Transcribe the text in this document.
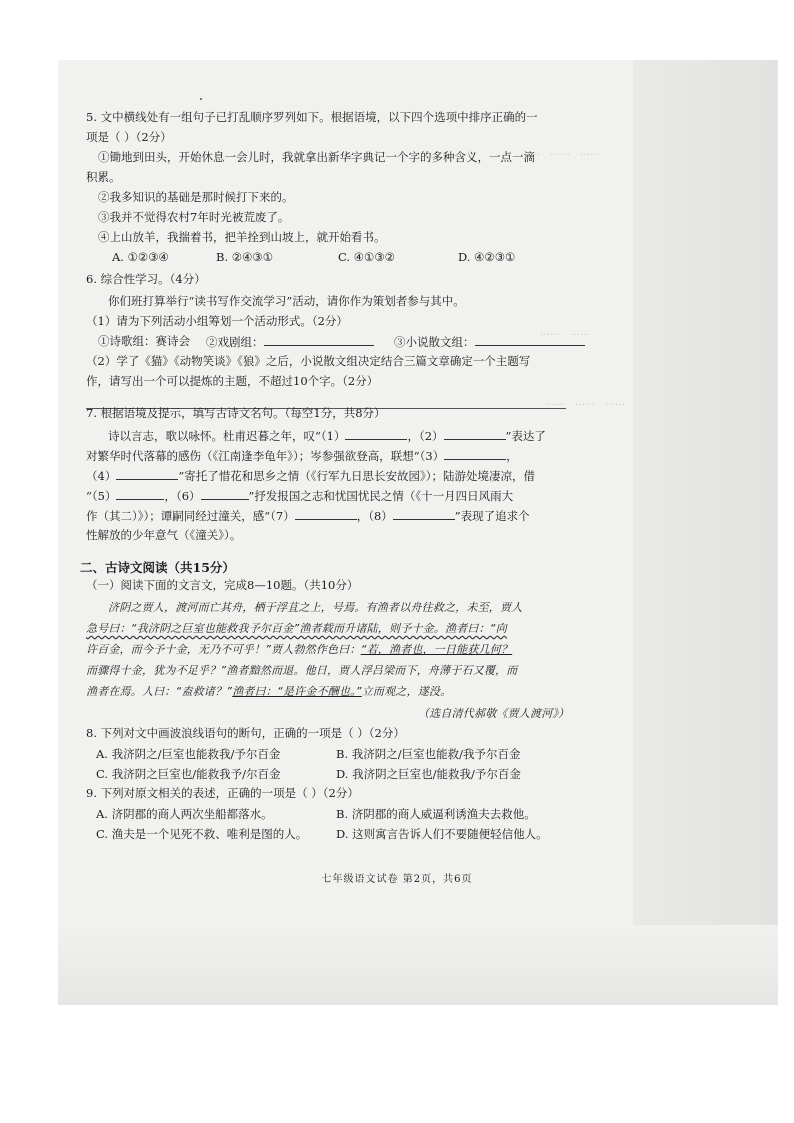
……　……　……
……　……
……　……　……
5. 文中横线处有一组句子已打乱顺序罗列如下。根据语境，以下四个选项中排序正确的一
项是（ ）（2分）
①锄地到田头，开始休息一会儿时，我就拿出新华字典记一个字的多种含义，一点一滴
积累。
②我多知识的基础是那时候打下来的。
③我并不觉得农村7年时光被荒废了。
④上山放羊，我揣着书，把羊拴到山坡上，就开始看书。
A. ①②③④	B. ②④③①	C. ④①③②	D. ④②③①
6. 综合性学习。（4分）
你们班打算举行“读书写作交流学习”活动，请你作为策划者参与其中。
（1）请为下列活动小组筹划一个活动形式。（2分）
①诗歌组：赛诗会 ②戏剧组：	③小说散文组：
（2）学了《猫》《动物笑谈》《狼》之后，小说散文组决定结合三篇文章确定一个主题写
作，请写出一个可以提炼的主题，不超过10个字。（2分）
7. 根据语境及提示，填写古诗文名句。（每空1分，共8分）
诗以言志，歌以咏怀。杜甫迟暮之年，叹“（1）	，（2）	”表达了
对繁华时代落幕的感伤（《江南逢李龟年》）；岑参强欲登高，联想“（3）	，
（4）	”寄托了惜花和思乡之情（《行军九日思长安故园》）；陆游处境凄凉，借
“（5）	，（6）	”抒发报国之志和忧国忧民之情（《十一月四日风雨大
作（其二）》）；谭嗣同经过潼关，感“（7）	，（8）	”表现了追求个
性解放的少年意气（《潼关》）。
二、古诗文阅读（共15分）
（一）阅读下面的文言文，完成8—10题。（共10分）
济阴之贾人，渡河而亡其舟，栖于浮苴之上，号焉。有渔者以舟往救之，未至，贾人
急号曰：“我济阴之巨室也能救我予尔百金”渔者载而升诸陆，则予十金。渔者曰：“向
许百金，而今予十金，无乃不可乎！”贾人勃然作色曰：“若，渔者也，一日能获几何？
而骤得十金，犹为不足乎？”渔者黯然而退。他日，贾人浮吕梁而下，舟薄于石又覆，而
渔者在焉。人曰：“盍救诸？”渔者曰：“是许金不酬也。”立而观之，遂没。
（选自清代郝敬《贾人渡河》）
8. 下列对文中画波浪线语句的断句，正确的一项是（ ）（2分）
A. 我济阴之/巨室也能救我/予尔百金	B. 我济阴之/巨室也能救/我予尔百金
C. 我济阴之巨室也/能救我予/尔百金	D. 我济阴之巨室也/能救我/予尔百金
9. 下列对原文相关的表述，正确的一项是（ ）（2分）
A. 济阴郡的商人两次坐船都落水。	B. 济阴郡的商人威逼利诱渔夫去救他。
C. 渔夫是一个见死不救、唯利是图的人。	D. 这则寓言告诉人们不要随便轻信他人。
七年级语文试卷 第2页，共6页
